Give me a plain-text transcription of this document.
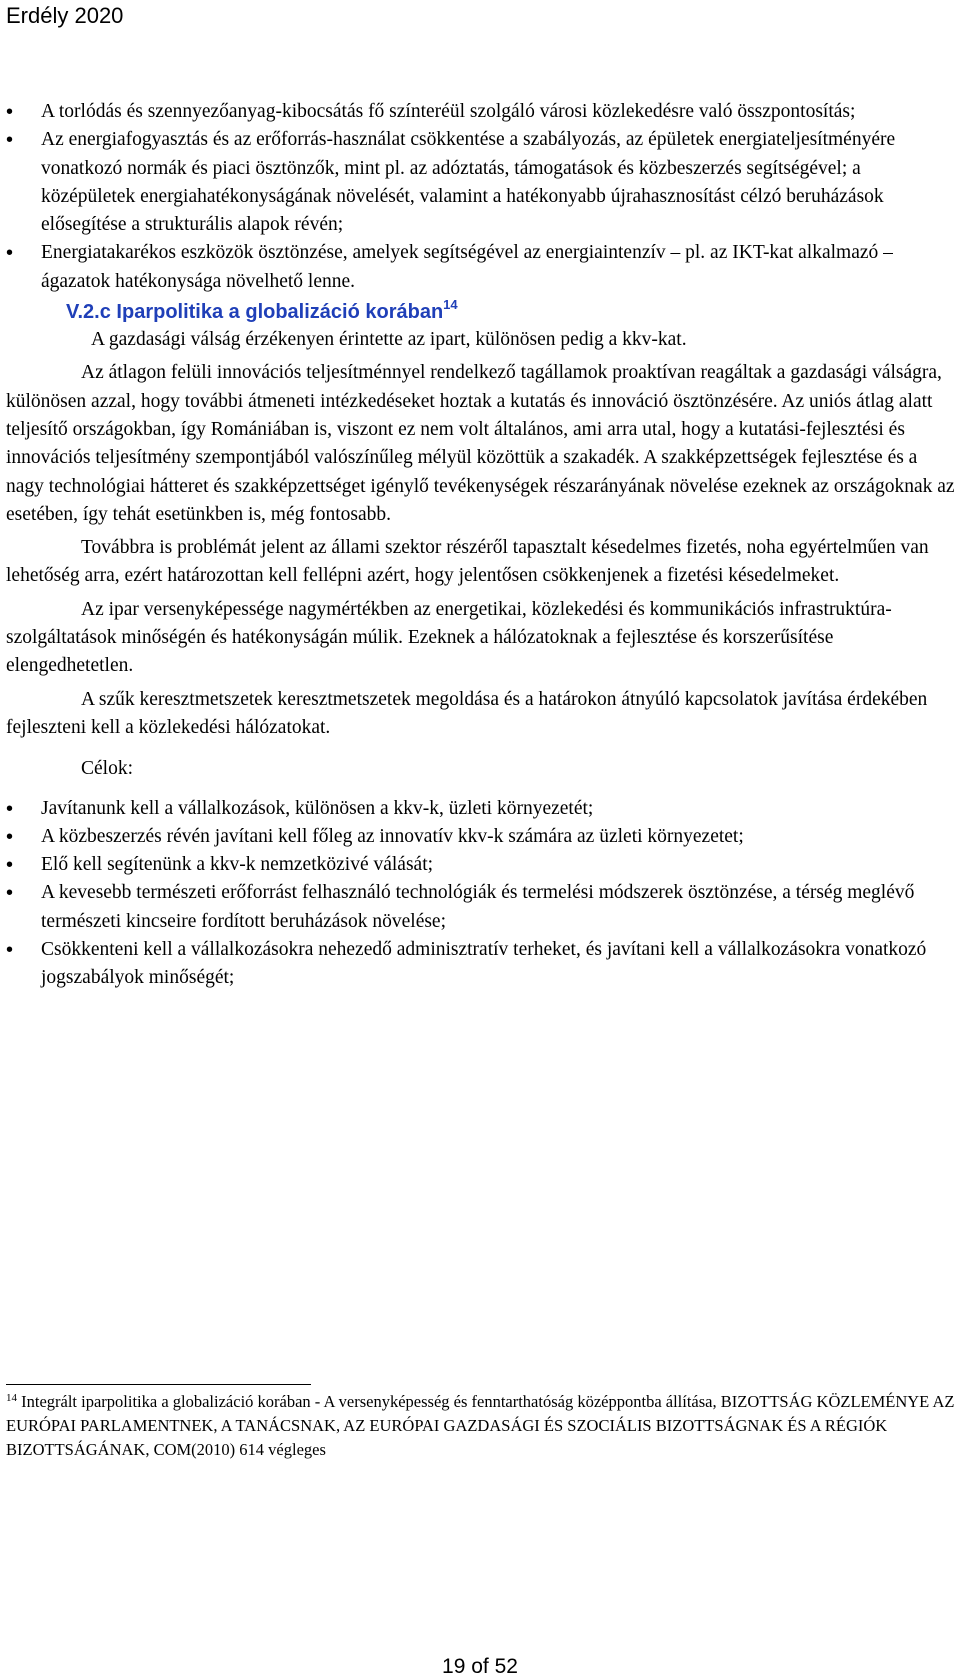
Erdély 2020
• A torlódás és szennyezőanyag-kibocsátás fő színteréül szolgáló városi közlekedésre való összpontosítás;
• Az energiafogyasztás és az erőforrás-használat csökkentése a szabályozás, az épületek energiateljesítményére vonatkozó normák és piaci ösztönzők, mint pl. az adóztatás, támogatások és közbeszerzés segítségével; a középületek energiahatékonyságának növelését, valamint a hatékonyabb újrahasznosítást célzó beruházások elősegítése a strukturális alapok révén;
• Energiatakarékos eszközök ösztönzése, amelyek segítségével az energiaintenzív – pl. az IKT-kat alkalmazó – ágazatok hatékonysága növelhető lenne.
V.2.c Iparpolitika a globalizáció korában$^{14}$

A gazdasági válság érzékenyen érintette az ipart, különösen pedig a kkv-kat.

Az átlagon felüli innovációs teljesítménnyel rendelkező tagállamok proaktívan reagáltak a gazdasági válságra, különösen azzal, hogy további átmeneti intézkedéseket hoztak a kutatás és innováció ösztönzésére. Az uniós átlag alatt teljesítő országokban, így Romániában is, viszont ez nem volt általános, ami arra utal, hogy a kutatási-fejlesztési és innovációs teljesítmény szempontjából valószínűleg mélyül közöttük a szakadék. A szakképzettségek fejlesztése és a nagy technológiai hátteret és szakképzettséget igénylő tevékenységek részarányának növelése ezeknek az országoknak az esetében, így tehát esetünkben is, még fontosabb.

Továbbra is problémát jelent az állami szektor részéről tapasztalt késedelmes fizetés, noha egyértelműen van lehetőség arra, ezért határozottan kell fellépni azért, hogy jelentősen csökkenjenek a fizetési késedelmeket.

Az ipar versenyképessége nagymértékben az energetikai, közlekedési és kommunikációs infrastruktúra-szolgáltatások minőségén és hatékonyságán múlik. Ezeknek a hálózatoknak a fejlesztése és korszerűsítése elengedhetetlen.

A szűk keresztmetszetek keresztmetszetek megoldása és a határokon átnyúló kapcsolatok javítása érdekében fejleszteni kell a közlekedési hálózatokat.

Célok:

• Javítanunk kell a vállalkozások, különösen a kkv-k, üzleti környezetét;
• A közbeszerzés révén javítani kell főleg az innovatív kkv-k számára az üzleti környezetet;
• Elő kell segítenünk a kkv-k nemzetközivé válását;
• A kevesebb természeti erőforrást felhasználó technológiák és termelési módszerek ösztönzése, a térség meglévő természeti kincseire fordított beruházások növelése;
• Csökkenteni kell a vállalkozásokra nehezedő adminisztratív terheket, és javítani kell a vállalkozásokra vonatkozó jogszabályok minőségét;
$^{14}$ Integrált iparpolitika a globalizáció korában - A versenyképesség és fenntarthatóság középpontba állítása, BIZOTTSÁG KÖZLEMÉNYE AZ EURÓPAI PARLAMENTNEK, A TANÁCSNAK, AZ EURÓPAI GAZDASÁGI ÉS SZOCIÁLIS BIZOTTSÁGNAK ÉS A RÉGIÓK BIZOTTSÁGÁNAK, COM(2010) 614 végleges
19 of 52
